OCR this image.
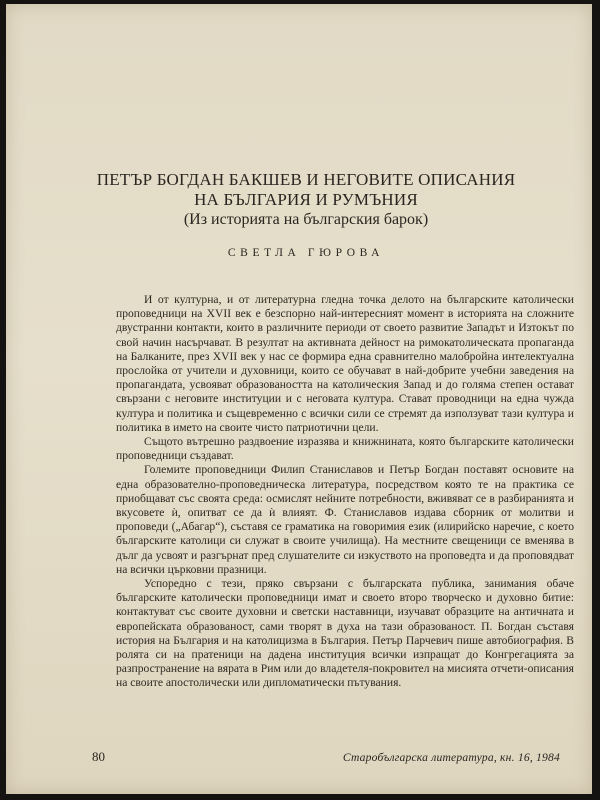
ПЕТЪР БОГДАН БАКШЕВ И НЕГОВИТЕ ОПИСАНИЯ

НА БЪЛГАРИЯ И РУМЪНИЯ

(Из историята на българския барок)

СВЕТЛА ГЮРОВА

И от културна, и от литературна гледна точка делото на българските католически проповедници на XVII век е безспорно най-интересният момент в историята на сложните двустранни контакти, които в различните периоди от своето развитие Западът и Изтокът по свой начин насърчават. В резултат на активната дейност на римокатолическата пропаганда на Балканите, през XVII век у нас се формира една сравнително малобройна интелектуална прослойка от учители и духовници, които се обучават в най-добрите учебни заведения на пропагандата, усвояват образоваността на католическия Запад и до голяма степен остават свързани с неговите институции и с неговата култура. Стават проводници на една чужда култура и политика и същевременно с всички сили се стремят да използуват тази култура и политика в името на своите чисто патриотични цели.

Същото вътрешно раздвоение изразява и книжнината, която българските католически проповедници създават.

Големите проповедници Филип Станиславов и Петър Богдан поставят основите на една образователно-проповедническа литература, посредством която те на практика се приобщават със своята среда: осмислят нейните потребности, вживяват се в разбиранията и вкусовете ѝ, опитват се да ѝ влияят. Ф. Станиславов издава сборник от молитви и проповеди („Абагар“), съставя се граматика на говоримия език (илирийско наречие, с което българските католици си служат в своите училища). На местните свещеници се вменява в дълг да усвоят и разгърнат пред слушателите си изкуството на проповедта и да проповядват на всички църковни празници.

Успоредно с тези, пряко свързани с българската публика, занимания обаче българските католически проповедници имат и своето второ творческо и духовно битие: контактуват със своите духовни и светски наставници, изучават образците на античната и европейската образованост, сами творят в духа на тази образованост. П. Богдан съставя история на България и на католицизма в България. Петър Парчевич пише автобиография. В ролята си на пратеници на дадена институция всички изпращат до Конгрегацията за разпространение на вярата в Рим или до владетеля-покровител на мисията отчети-описания на своите апостолически или дипломатически пътувания.

80	Старобългарска литература, кн. 16, 1984
